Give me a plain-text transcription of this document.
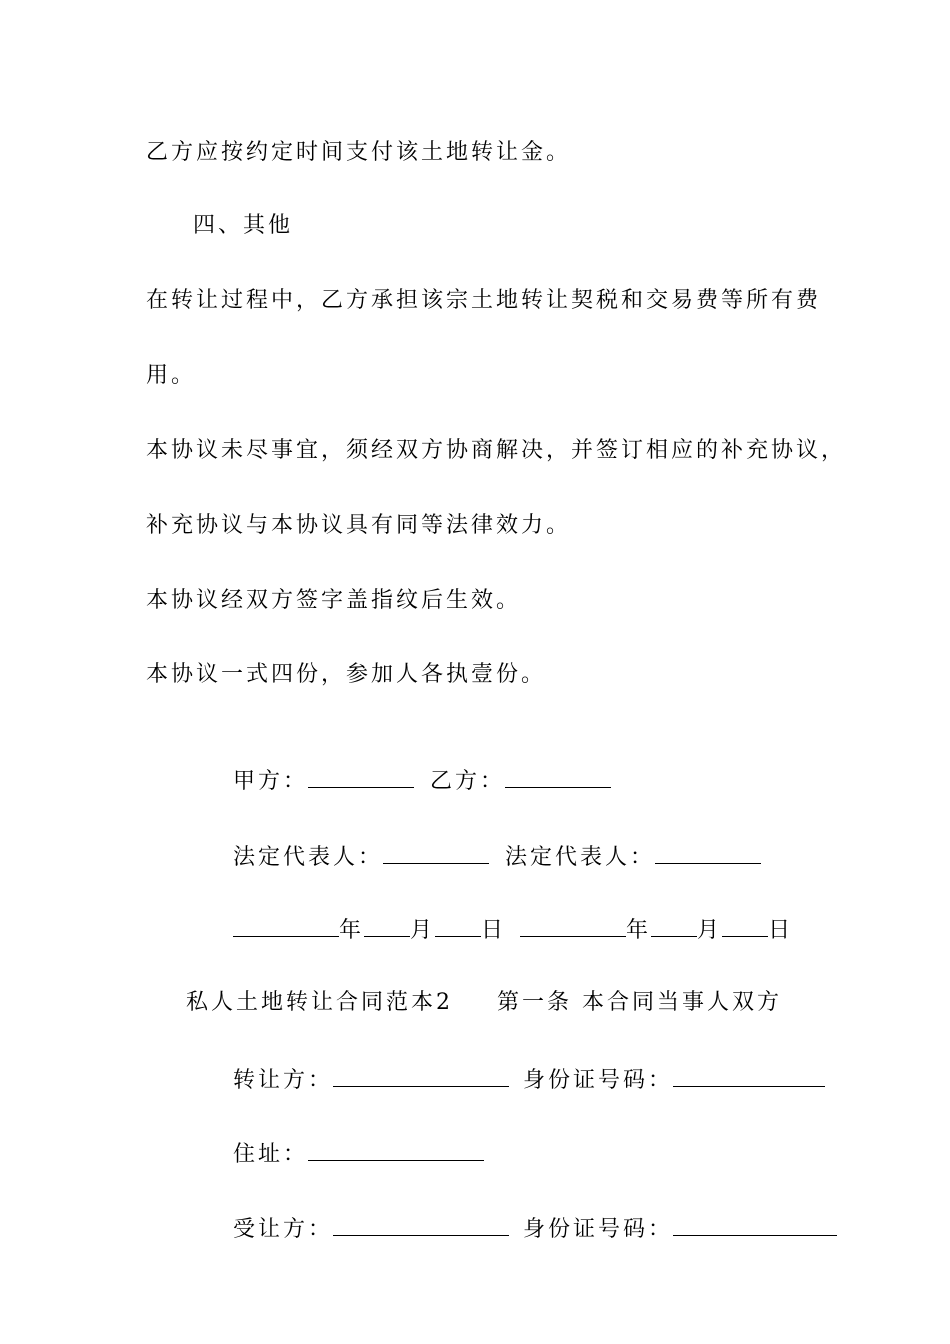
乙方应按约定时间支付该土地转让金。
四、其他
在转让过程中，乙方承担该宗土地转让契税和交易费等所有费
用。
本协议未尽事宜，须经双方协商解决，并签订相应的补充协议，
补充协议与本协议具有同等法律效力。
本协议经双方签字盖指纹后生效。
本协议一式四份，参加人各执壹份。

甲方：	乙方：

法定代表人：	法定代表人：

年 月 日	年 月 日

私人土地转让合同范本2 第一条 本合同当事人双方

转让方：	身份证号码：

住址：

受让方：	身份证号码：
